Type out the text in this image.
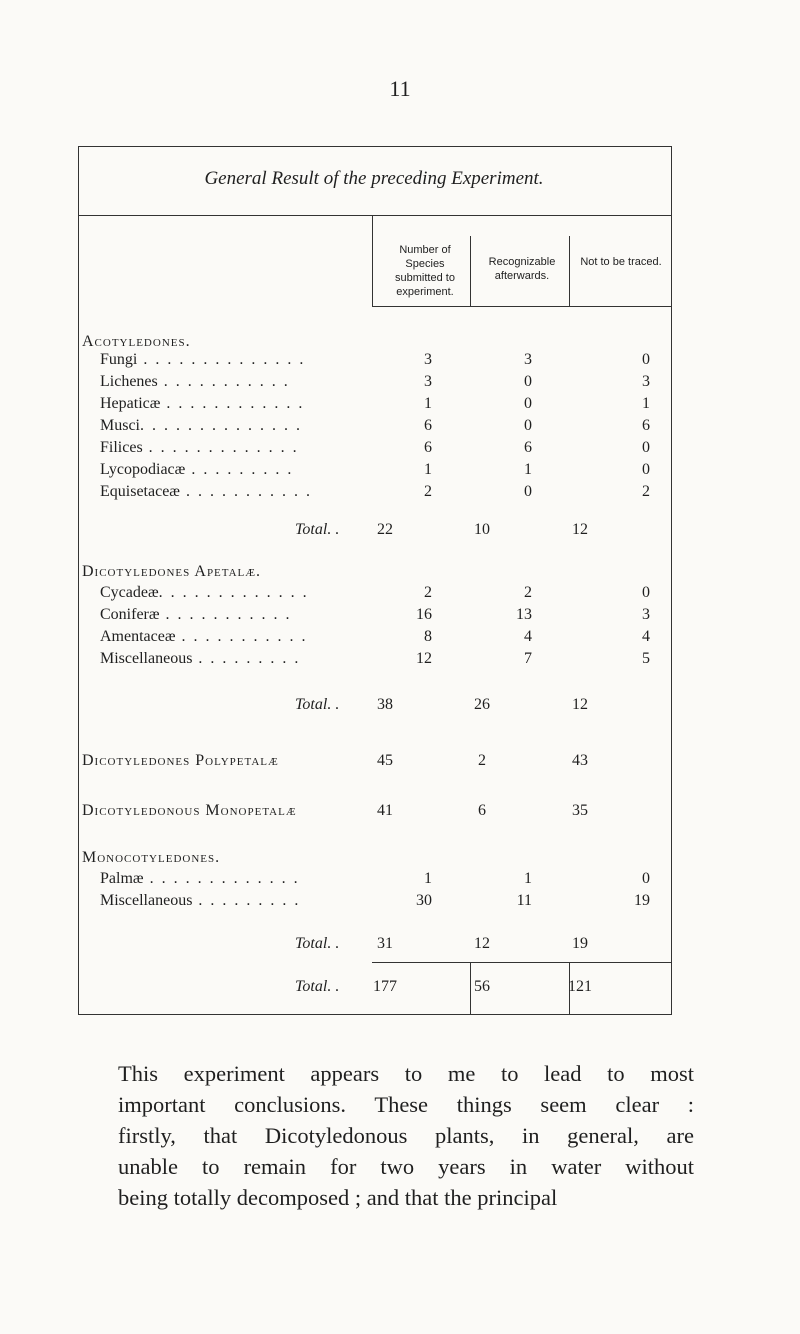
11
General Result of the preceding Experiment.
Number of Species submitted to experiment.
Recognizable afterwards.
Not to be traced.
Acotyledones.
Fungi . . . . . . . . . . . . . .	3	3	0
Lichenes . . . . . . . . . . .	3	0	3
Hepaticæ . . . . . . . . . . . .	1	0	1
Musci. . . . . . . . . . . . . .	6	0	6
Filices . . . . . . . . . . . . .	6	6	0
Lycopodiacæ . . . . . . . . .	1	1	0
Equisetaceæ . . . . . . . . . . .	2	0	2
Total. .	22	10	12
Dicotyledones Apetalæ.
Cycadeæ. . . . . . . . . . . . .	2	2	0
Coniferæ . . . . . . . . . . .	16	13	3
Amentaceæ . . . . . . . . . . .	8	4	4
Miscellaneous . . . . . . . . .	12	7	5
Total. .	38	26	12
Dicotyledones Polypetalæ	45	2	43
Dicotyledonous Monopetalæ	41	6	35
Monocotyledones.
Palmæ . . . . . . . . . . . . .	1	1	0
Miscellaneous . . . . . . . . .	30	11	19
Total. .	31	12	19
Total. .	177	56	121
This experiment appears to me to lead to most
important conclusions. These things seem clear :
firstly, that Dicotyledonous plants, in general, are
unable to remain for two years in water without
being totally decomposed ; and that the principal
